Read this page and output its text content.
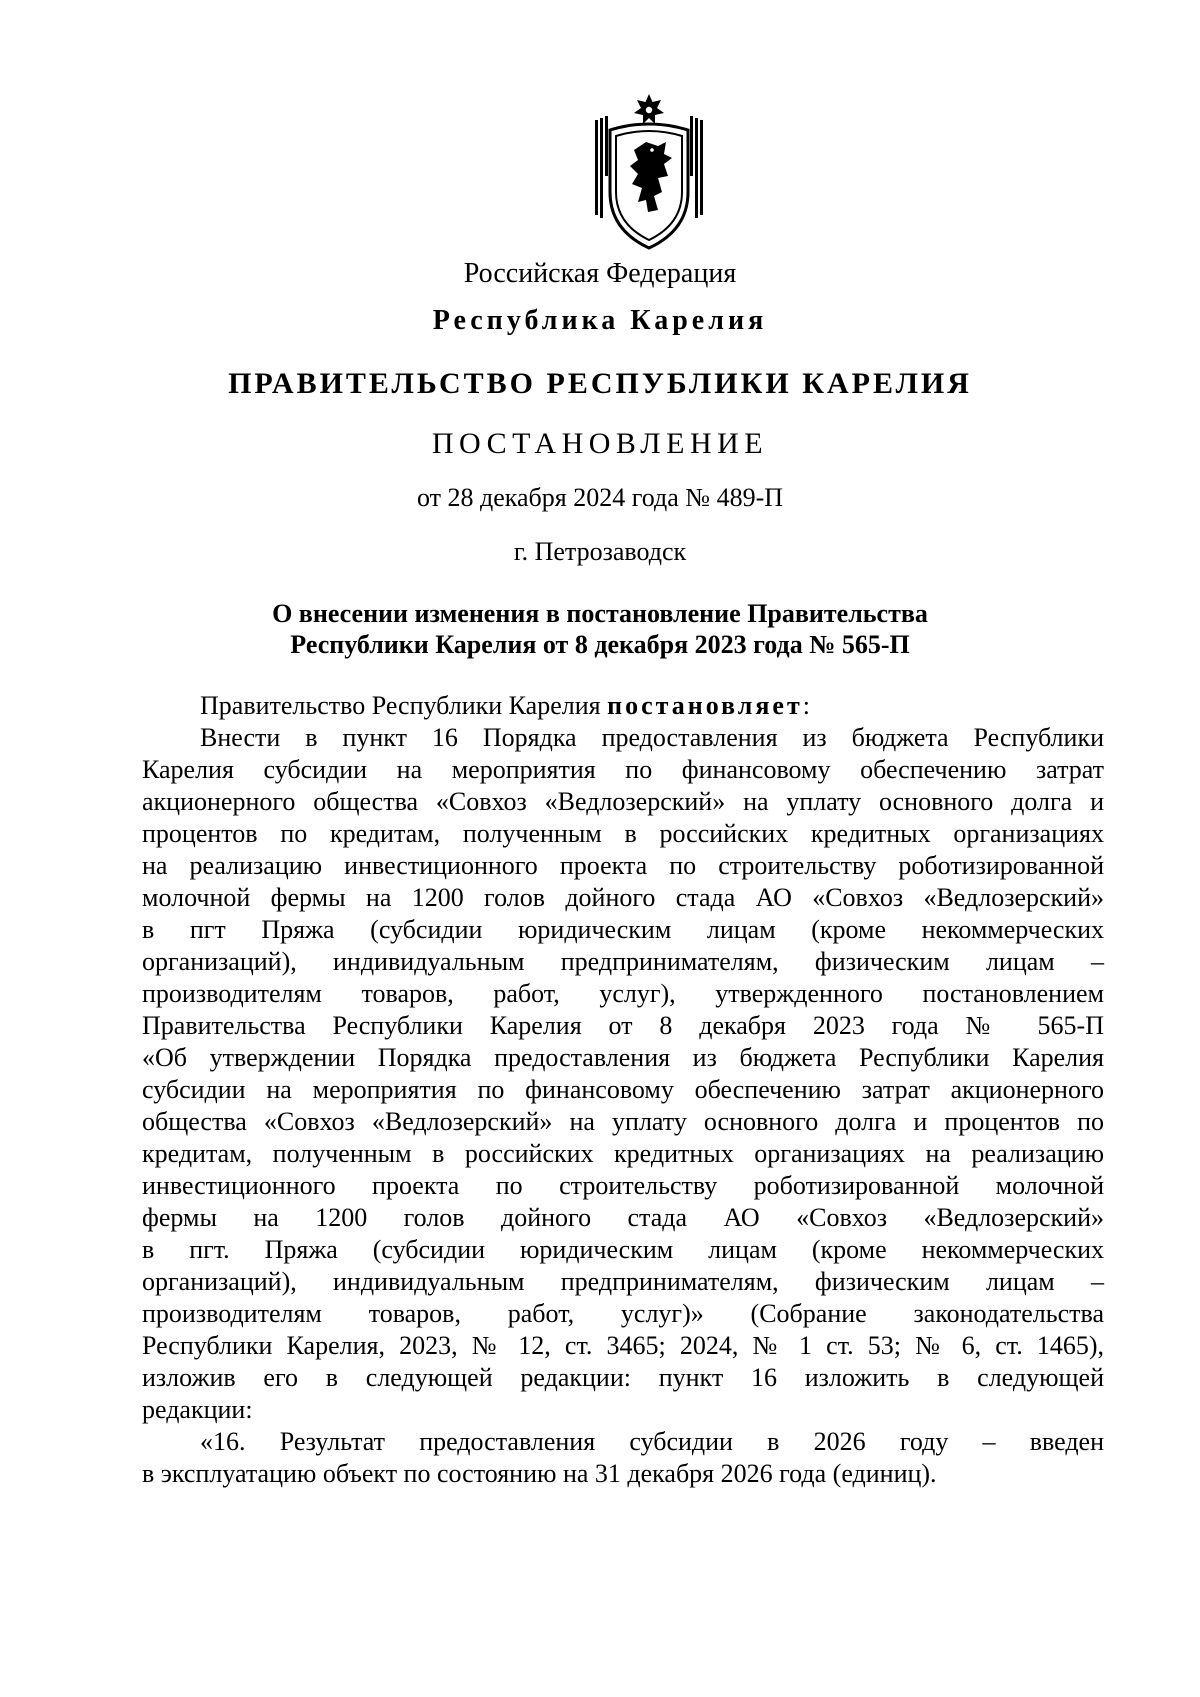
Российская Федерация
Республика Карелия
ПРАВИТЕЛЬСТВО РЕСПУБЛИКИ КАРЕЛИЯ
ПОСТАНОВЛЕНИЕ
от 28 декабря 2024 года № 489-П
г. Петрозаводск
О внесении изменения в постановление Правительства
Республики Карелия от 8 декабря 2023 года № 565-П

Правительство Республики Карелия постановляет:

Внести в пункт 16 Порядка предоставления из бюджета Республики

Карелия субсидии на мероприятия по финансовому обеспечению затрат

акционерного общества «Совхоз «Ведлозерский» на уплату основного долга и

процентов по кредитам, полученным в российских кредитных организациях

на реализацию инвестиционного проекта по строительству роботизированной

молочной фермы на 1200 голов дойного стада АО «Совхоз «Ведлозерский»

в пгт Пряжа (субсидии юридическим лицам (кроме некоммерческих

организаций), индивидуальным предпринимателям, физическим лицам –

производителям товаров, работ, услуг), утвержденного постановлением

Правительства Республики Карелия от 8 декабря 2023 года № 565-П

«Об утверждении Порядка предоставления из бюджета Республики Карелия

субсидии на мероприятия по финансовому обеспечению затрат акционерного

общества «Совхоз «Ведлозерский» на уплату основного долга и процентов по

кредитам, полученным в российских кредитных организациях на реализацию

инвестиционного проекта по строительству роботизированной молочной

фермы на 1200 голов дойного стада АО «Совхоз «Ведлозерский»

в пгт. Пряжа (субсидии юридическим лицам (кроме некоммерческих

организаций), индивидуальным предпринимателям, физическим лицам –

производителям товаров, работ, услуг)» (Собрание законодательства

Республики Карелия, 2023, № 12, ст. 3465; 2024, № 1 ст. 53; № 6, ст. 1465),

изложив его в следующей редакции: пункт 16 изложить в следующей

редакции:

«16. Результат предоставления субсидии в 2026 году – введен

в эксплуатацию объект по состоянию на 31 декабря 2026 года (единиц).
